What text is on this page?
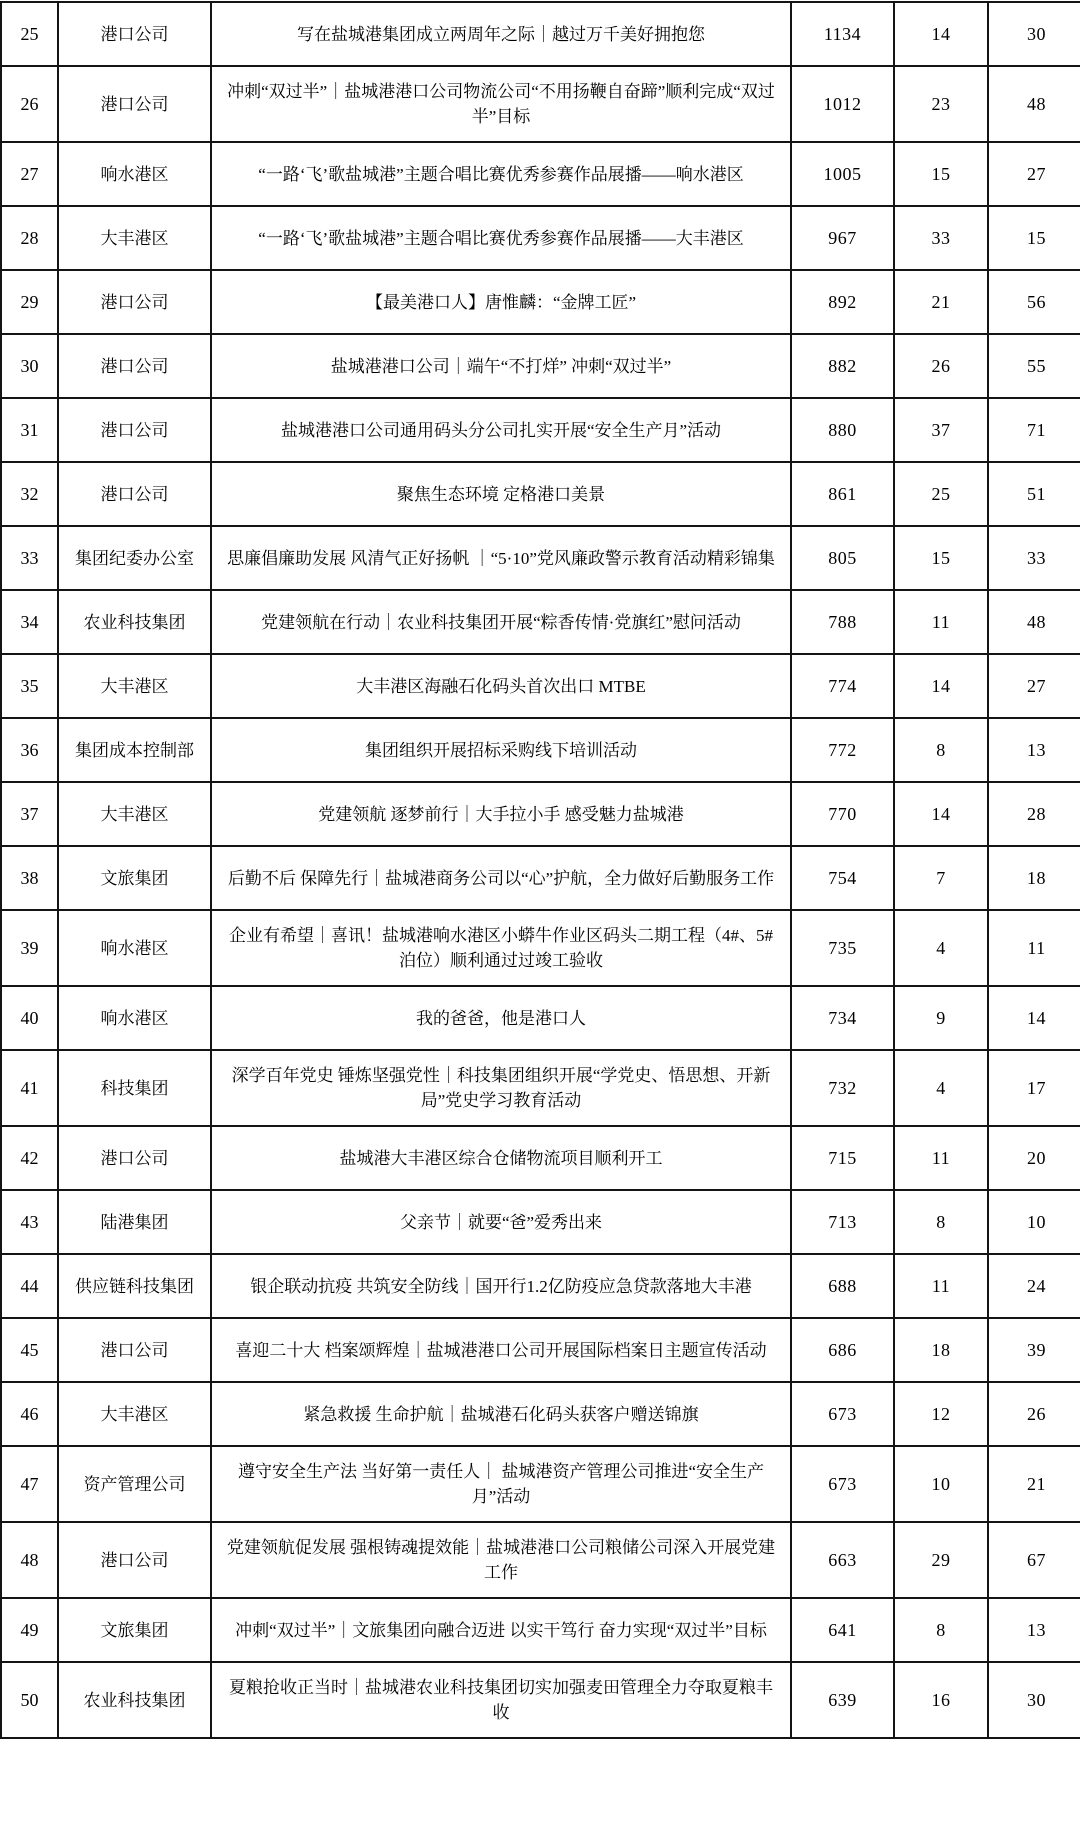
25	港口公司	写在盐城港集团成立两周年之际｜越过万千美好拥抱您	1134	14	30
26	港口公司	冲刺“双过半”｜盐城港港口公司物流公司“不用扬鞭自奋蹄”顺利完成“双过半”目标	1012	23	48
27	响水港区	“一路‘飞’歌盐城港”主题合唱比赛优秀参赛作品展播——响水港区	1005	15	27
28	大丰港区	“一路‘飞’歌盐城港”主题合唱比赛优秀参赛作品展播——大丰港区	967	33	15
29	港口公司	【最美港口人】唐惟麟：“金牌工匠”	892	21	56
30	港口公司	盐城港港口公司｜端午“不打烊” 冲刺“双过半”	882	26	55
31	港口公司	盐城港港口公司通用码头分公司扎实开展“安全生产月”活动	880	37	71
32	港口公司	聚焦生态环境 定格港口美景	861	25	51
33	集团纪委办公室	思廉倡廉助发展 风清气正好扬帆 ｜“5·10”党风廉政警示教育活动精彩锦集	805	15	33
34	农业科技集团	党建领航在行动｜农业科技集团开展“粽香传情·党旗红”慰问活动	788	11	48
35	大丰港区	大丰港区海融石化码头首次出口 MTBE	774	14	27
36	集团成本控制部	集团组织开展招标采购线下培训活动	772	8	13
37	大丰港区	党建领航 逐梦前行｜大手拉小手 感受魅力盐城港	770	14	28
38	文旅集团	后勤不后 保障先行｜盐城港商务公司以“心”护航，全力做好后勤服务工作	754	7	18
39	响水港区	企业有希望｜喜讯！盐城港响水港区小蟒牛作业区码头二期工程（4#、5#泊位）顺利通过过竣工验收	735	4	11
40	响水港区	我的爸爸，他是港口人	734	9	14
41	科技集团	深学百年党史 锤炼坚强党性｜科技集团组织开展“学党史、悟思想、开新局”党史学习教育活动	732	4	17
42	港口公司	盐城港大丰港区综合仓储物流项目顺利开工	715	11	20
43	陆港集团	父亲节｜就要“爸”爱秀出来	713	8	10
44	供应链科技集团	银企联动抗疫 共筑安全防线｜国开行1.2亿防疫应急贷款落地大丰港	688	11	24
45	港口公司	喜迎二十大 档案颂辉煌｜盐城港港口公司开展国际档案日主题宣传活动	686	18	39
46	大丰港区	紧急救援 生命护航｜盐城港石化码头获客户赠送锦旗	673	12	26
47	资产管理公司	遵守安全生产法 当好第一责任人｜ 盐城港资产管理公司推进“安全生产月”活动	673	10	21
48	港口公司	党建领航促发展 强根铸魂提效能｜盐城港港口公司粮储公司深入开展党建工作	663	29	67
49	文旅集团	冲刺“双过半”｜文旅集团向融合迈进 以实干笃行 奋力实现“双过半”目标	641	8	13
50	农业科技集团	夏粮抢收正当时｜盐城港农业科技集团切实加强麦田管理全力夺取夏粮丰收	639	16	30
